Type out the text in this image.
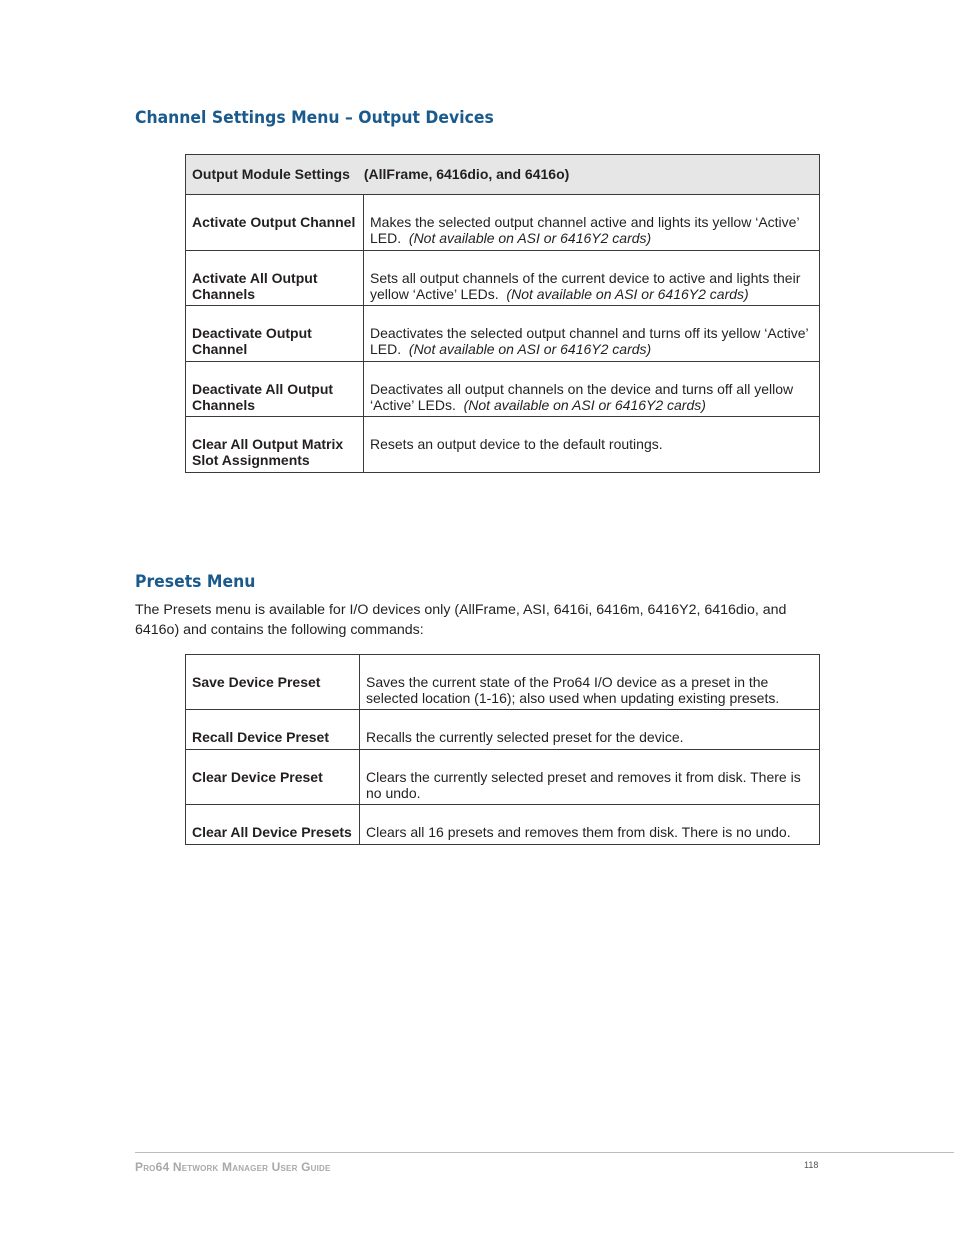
Channel Settings Menu – Output Devices
Output Module Settings (AllFrame, 6416dio, and 6416o)	
Activate Output Channel	Makes the selected output channel active and lights its yellow ‘Active’ LED. (Not available on ASI or 6416Y2 cards)
Activate All Output Channels	Sets all output channels of the current device to active and lights their yellow ‘Active’ LEDs. (Not available on ASI or 6416Y2 cards)
Deactivate Output Channel	Deactivates the selected output channel and turns off its yellow ‘Active’ LED. (Not available on ASI or 6416Y2 cards)
Deactivate All Output Channels	Deactivates all output channels on the device and turns off all yellow ‘Active’ LEDs. (Not available on ASI or 6416Y2 cards)
Clear All Output Matrix Slot Assignments	Resets an output device to the default routings.
Presets Menu

The Presets menu is available for I/O devices only (AllFrame, ASI, 6416i, 6416m, 6416Y2, 6416dio, and 6416o) and contains the following commands:

Save Device Preset	Saves the current state of the Pro64 I/O device as a preset in the selected location (1-16); also used when updating existing presets.
Recall Device Preset	Recalls the currently selected preset for the device.
Clear Device Preset	Clears the currently selected preset and removes it from disk. There is no undo.
Clear All Device Presets	Clears all 16 presets and removes them from disk. There is no undo.

Pro64 Network Manager User Guide	118
